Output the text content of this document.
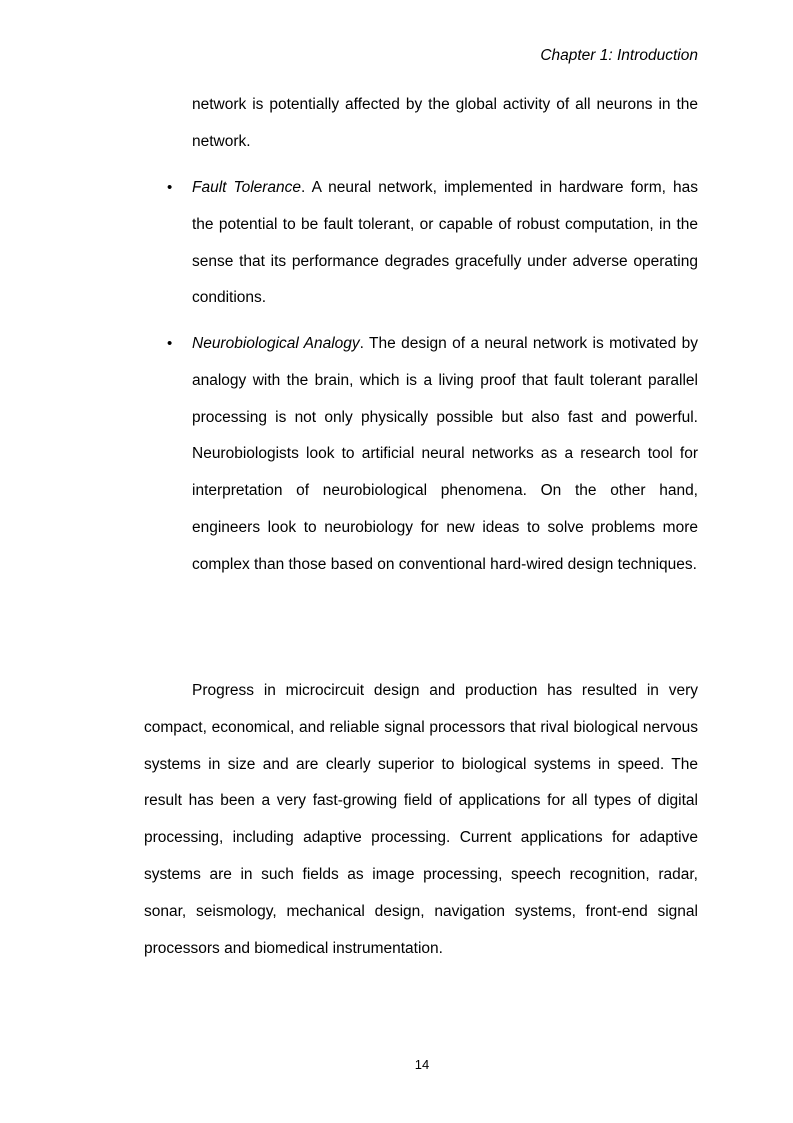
Chapter 1: Introduction
network is potentially affected by the global activity of all neurons in the network.
• Fault Tolerance. A neural network, implemented in hardware form, has the potential to be fault tolerant, or capable of robust computation, in the sense that its performance degrades gracefully under adverse operating conditions.
• Neurobiological Analogy. The design of a neural network is motivated by analogy with the brain, which is a living proof that fault tolerant parallel processing is not only physically possible but also fast and powerful. Neurobiologists look to artificial neural networks as a research tool for interpretation of neurobiological phenomena. On the other hand, engineers look to neurobiology for new ideas to solve problems more complex than those based on conventional hard-wired design techniques.
Progress in microcircuit design and production has resulted in very compact, economical, and reliable signal processors that rival biological nervous systems in size and are clearly superior to biological systems in speed. The result has been a very fast-growing field of applications for all types of digital processing, including adaptive processing. Current applications for adaptive systems are in such fields as image processing, speech recognition, radar, sonar, seismology, mechanical design, navigation systems, front-end signal processors and biomedical instrumentation.
14
